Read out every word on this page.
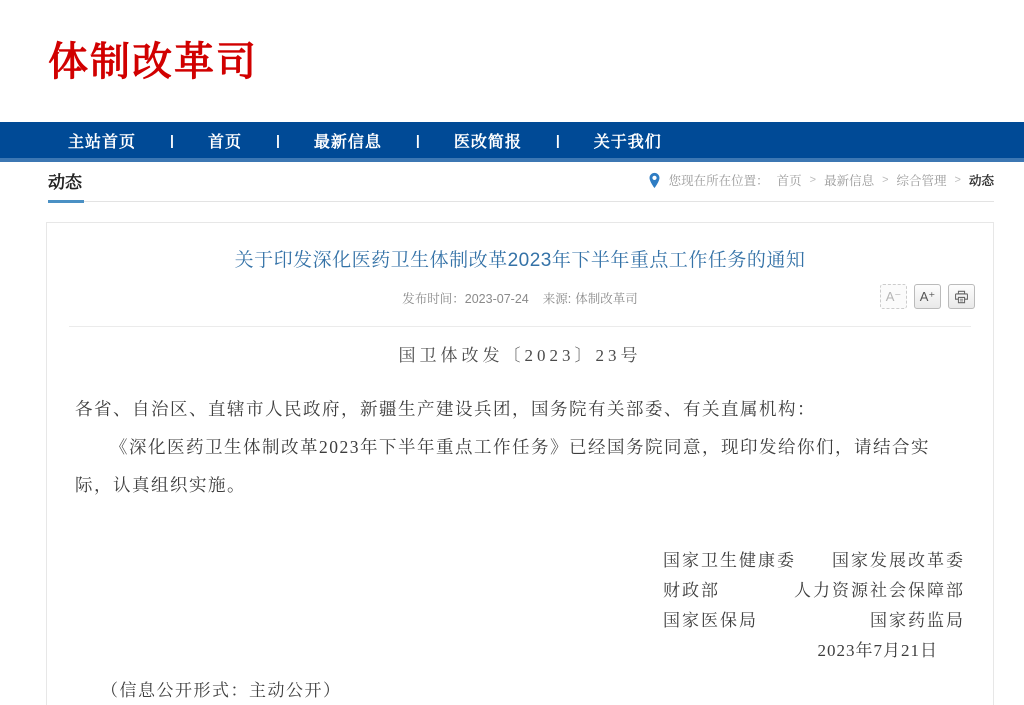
体制改革司
主站首页 | 首页 | 最新信息 | 医改简报 | 关于我们
动态	您现在所在位置： 首页 > 最新信息 > 综合管理 > 动态
关于印发深化医药卫生体制改革2023年下半年重点工作任务的通知
发布时间：2023-07-24 来源: 体制改革司	A⁻	A⁺
国卫体改发〔2023〕23号

各省、自治区、直辖市人民政府，新疆生产建设兵团，国务院有关部委、有关直属机构：

《深化医药卫生体制改革2023年下半年重点工作任务》已经国务院同意，现印发给你们，请结合实际，认真组织实施。

国家卫生健康委 国家发展改革委
财政部	人力资源社会保障部
国家医保局	国家药监局
2023年7月21日

（信息公开形式：主动公开）
